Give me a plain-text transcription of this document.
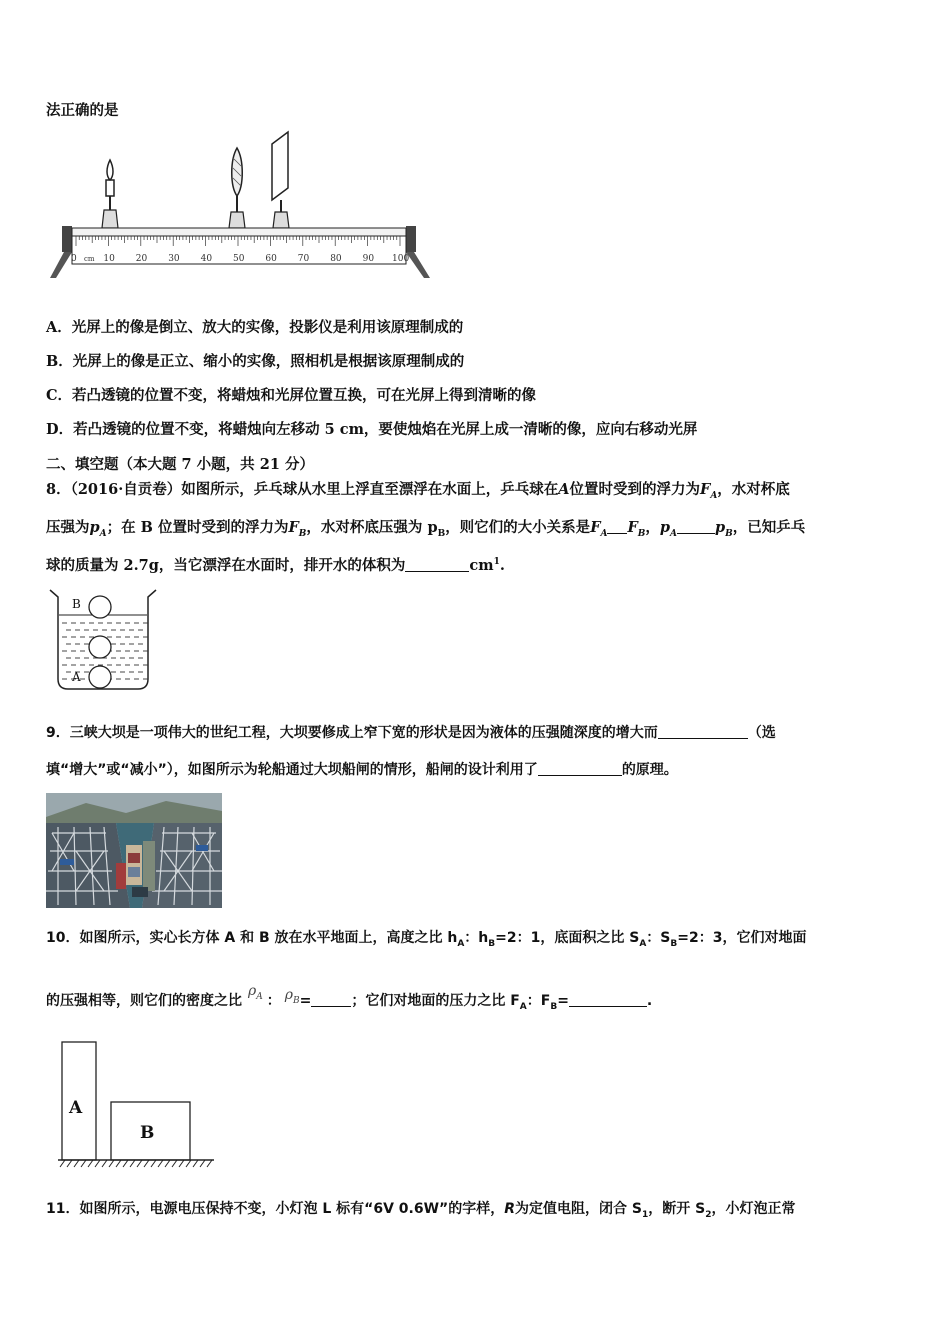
法正确的是
0 cm 10 20 30 40 50 60 70 80 90 100
A．光屏上的像是倒立、放大的实像，投影仪是利用该原理制成的
B．光屏上的像是正立、缩小的实像，照相机是根据该原理制成的
C．若凸透镜的位置不变，将蜡烛和光屏位置互换，可在光屏上得到清晰的像
D．若凸透镜的位置不变，将蜡烛向左移动 5 cm，要使烛焰在光屏上成一清晰的像，应向右移动光屏
二、填空题（本大题 7 小题，共 21 分）
8．（2016·自贡卷）如图所示，乒乓球从水里上浮直至漂浮在水面上，乒乓球在A位置时受到的浮力为$F_A$，水对杯底
压强为$p_A$；在 B 位置时受到的浮力为$F_B$，水对杯底压强为 $p_B$，则它们的大小关系是$F_A$ $F_B$，$p_A$	$p_B$，已知乒乓
球的质量为 2.7g，当它漂浮在水面时，排开水的体积为	$cm^1$.
B
A
9．三峡大坝是一项伟大的世纪工程，大坝要修成上窄下宽的形状是因为液体的压强随深度的增大而	（选
填“增大”或“减小”），如图所示为轮船通过大坝船闸的情形，船闸的设计利用了	的原理。
10．如图所示，实心长方体 A 和 B 放在水平地面上，高度之比 $h_A$：$h_B=2$：1，底面积之比 $S_A$：$S_B=2$：3，它们对地面
的压强相等，则它们的密度之比$\rho_A$ ： $\rho_B=$	；它们对地面的压力之比 $F_A$：$F_B=$	.
A
B
11．如图所示，电源电压保持不变，小灯泡 L 标有“6V 0.6W”的字样，R为定值电阻，闭合 $S_1$，断开 $S_2$，小灯泡正常
